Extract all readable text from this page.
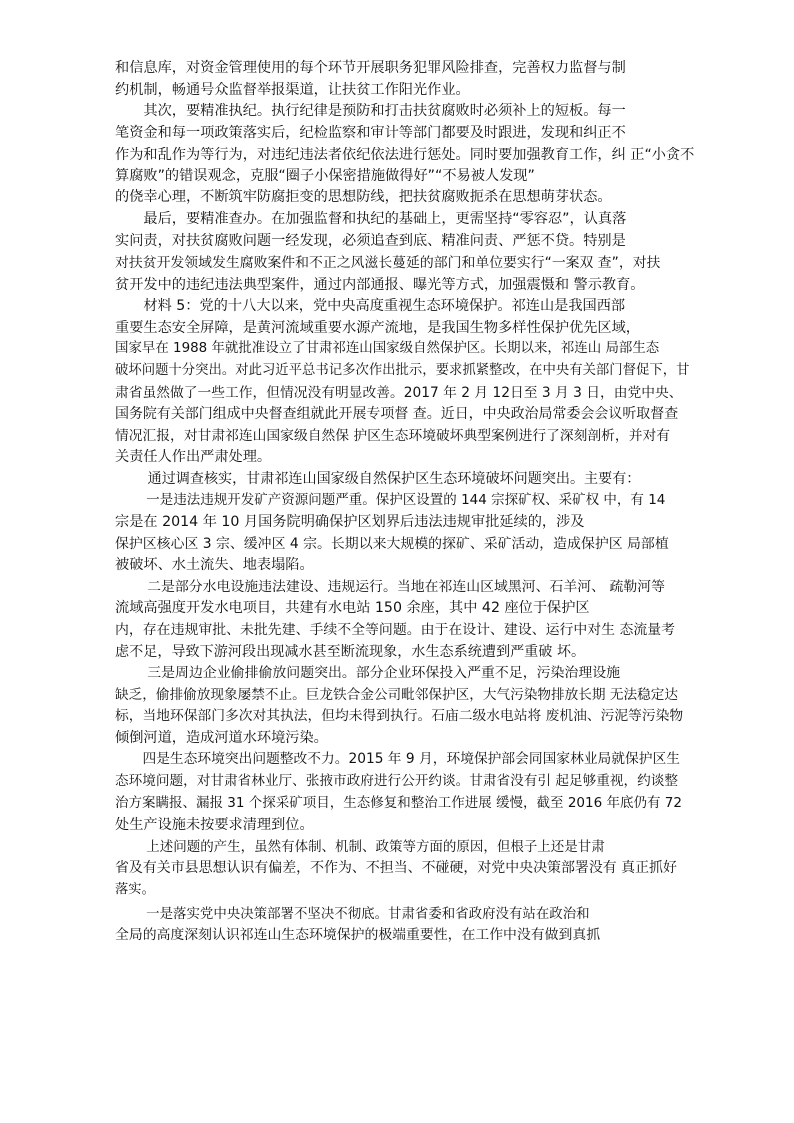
和信息库，对资金管理使用的每个环节开展职务犯罪风险排查，完善权力监督与制
约机制，畅通号众监督举报渠道，让扶贫工作阳光作业。
　　其次，要精准执纪。执行纪律是预防和打击扶贫腐败时必须补上的短板。每一
笔资金和每一项政策落实后，纪检监察和审计等部门都要及时跟进，发现和纠正不
作为和乱作为等行为，对违纪违法者依纪依法进行惩处。同时要加强教育工作，纠 正“小贪不
算腐败”的错误观念，克服“圈子小保密措施做得好”“不易被人发现”
的侥幸心理，不断筑牢防腐拒变的思想防线，把扶贫腐败扼杀在思想萌芽状态。
　　最后，要精准查办。在加强监督和执纪的基础上，更需坚持“零容忍”，认真落
实问责，对扶贫腐败问题一经发现，必须追查到底、精准问责、严惩不贷。特别是
对扶贫开发领域发生腐败案件和不正之风滋长蔓延的部门和单位要实行“一案双 查”，对扶
贫开发中的违纪违法典型案件，通过内部通报、曝光等方式，加强震慑和 警示教育。
　　材料 5：党的十八大以来，党中央高度重视生态环境保护。祁连山是我国西部
重要生态安全屏障，是黄河流域重要水源产流地，是我国生物多样性保护优先区域，
国家早在 1988 年就批准设立了甘肃祁连山国家级自然保护区。长期以来，祁连山 局部生态
破坏问题十分突出。对此习近平总书记多次作出批示，要求抓紧整改，在中央有关部门督促下，甘
肃省虽然做了一些工作，但情况没有明显改善。2017 年 2 月 12日至 3 月 3 日，由党中央、
国务院有关部门组成中央督查组就此开展专项督 查。近日，中央政治局常委会会议听取督查
情况汇报，对甘肃祁连山国家级自然保 护区生态环境破坏典型案例进行了深刻剖析，并对有
关责任人作出严肃处理。
　　 通过调查核实，甘肃祁连山国家级自然保护区生态环境破坏问题突出。主要有：
　　 一是违法违规开发矿产资源问题严重。保护区设置的 144 宗探矿权、采矿权 中，有 14
宗是在 2014 年 10 月国务院明确保护区划界后违法违规审批延续的，涉及
保护区核心区 3 宗、缓冲区 4 宗。长期以来大规模的探矿、采矿活动，造成保护区 局部植
被破坏、水土流失、地表塌陷。
　　 二是部分水电设施违法建设、违规运行。当地在祁连山区域黑河、石羊河、 疏勒河等
流域高强度开发水电项目，共建有水电站 150 余座，其中 42 座位于保护区
内，存在违规审批、未批先建、手续不全等问题。由于在设计、建设、运行中对生 态流量考
虑不足，导致下游河段出现减水甚至断流现象，水生态系统遭到严重破 坏。
　　 三是周边企业偷排偷放问题突出。部分企业环保投入严重不足，污染治理设施
缺乏，偷排偷放现象屡禁不止。巨龙铁合金公司毗邻保护区，大气污染物排放长期 无法稳定达
标，当地环保部门多次对其执法，但均未得到执行。石庙二级水电站将 废机油、污泥等污染物
倾倒河道，造成河道水环境污染。
　　四是生态环境突出问题整改不力。2015 年 9 月，环境保护部会同国家林业局就保护区生
态环境问题，对甘肃省林业厅、张掖市政府进行公开约谈。甘肃省没有引 起足够重视，约谈整
治方案瞒报、漏报 31 个探采矿项目，生态修复和整治工作进展 缓慢，截至 2016 年底仍有 72
处生产设施未按要求清理到位。
　　 上述问题的产生，虽然有体制、机制、政策等方面的原因，但根子上还是甘肃
省及有关市县思想认识有偏差，不作为、不担当、不碰硬，对党中央决策部署没有 真正抓好
落实。
　　 一是落实党中央决策部署不坚决不彻底。甘肃省委和省政府没有站在政治和
全局的高度深刻认识祁连山生态环境保护的极端重要性，在工作中没有做到真抓
